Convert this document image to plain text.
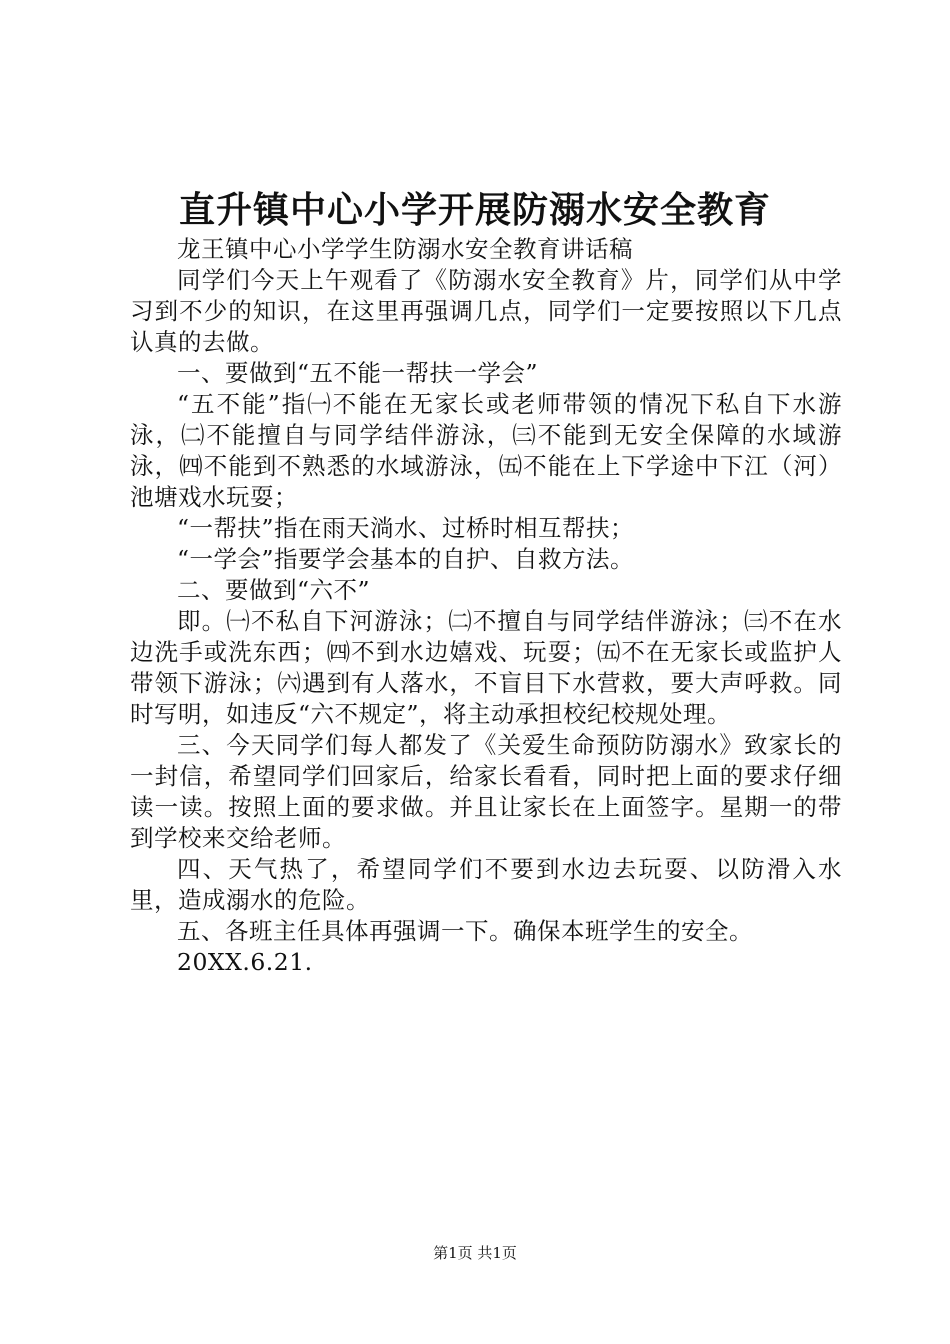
直升镇中心小学开展防溺水安全教育

龙王镇中心小学学生防溺水安全教育讲话稿

同学们今天上午观看了《防溺水安全教育》片，同学们从中学习到不少的知识，在这里再强调几点，同学们一定要按照以下几点认真的去做。

一、要做到“五不能一帮扶一学会”

“五不能”指㈠不能在无家长或老师带领的情况下私自下水游泳，㈡不能擅自与同学结伴游泳，㈢不能到无安全保障的水域游泳，㈣不能到不熟悉的水域游泳，㈤不能在上下学途中下江（河）池塘戏水玩耍；

“一帮扶”指在雨天淌水、过桥时相互帮扶；

“一学会”指要学会基本的自护、自救方法。

二、要做到“六不”

即。㈠不私自下河游泳；㈡不擅自与同学结伴游泳；㈢不在水边洗手或洗东西；㈣不到水边嬉戏、玩耍；㈤不在无家长或监护人带领下游泳；㈥遇到有人落水，不盲目下水营救，要大声呼救。同时写明，如违反“六不规定”，将主动承担校纪校规处理。

三、今天同学们每人都发了《关爱生命预防防溺水》致家长的一封信，希望同学们回家后，给家长看看，同时把上面的要求仔细读一读。按照上面的要求做。并且让家长在上面签字。星期一的带到学校来交给老师。

四、天气热了，希望同学们不要到水边去玩耍、以防滑入水里，造成溺水的危险。

五、各班主任具体再强调一下。确保本班学生的安全。

20XX.6.21.

第1页 共1页
